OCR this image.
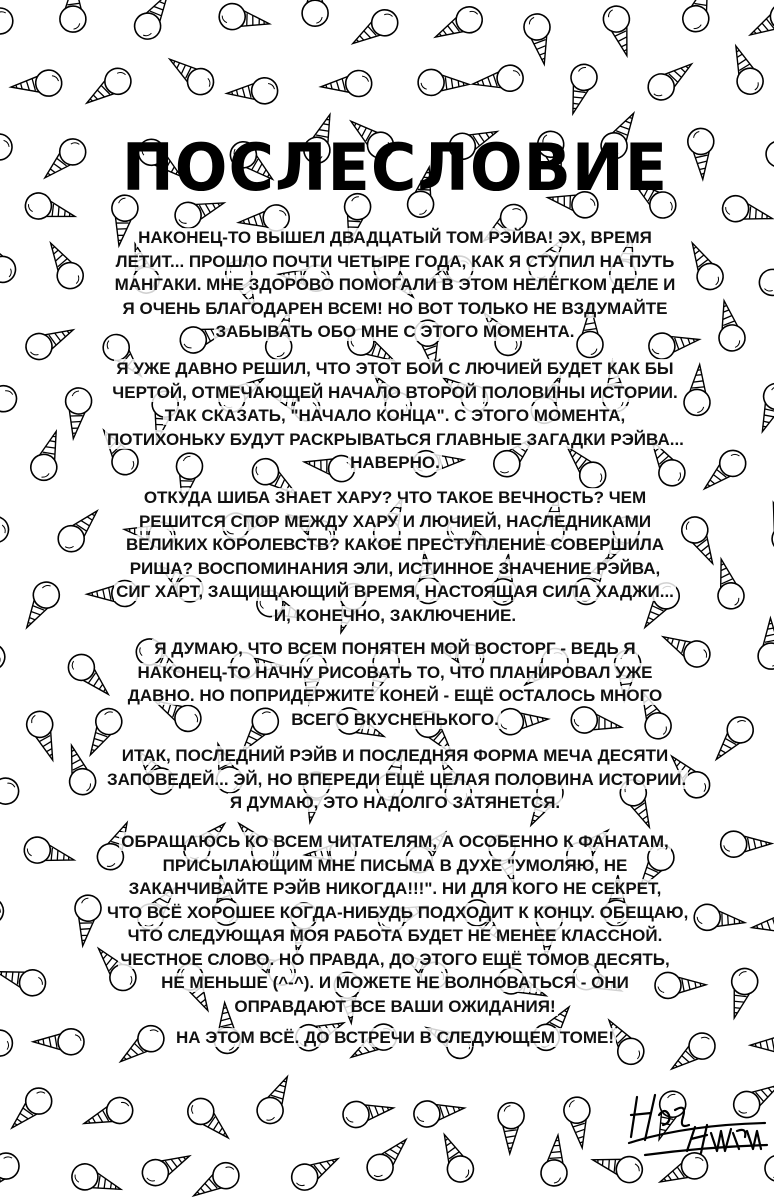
ПОСЛЕСЛОВИЕ
НАКОНЕЦ-ТО ВЫШЕЛ ДВАДЦАТЫЙ ТОМ РЭЙВА! ЭХ, ВРЕМЯ
ЛЕТИТ... ПРОШЛО ПОЧТИ ЧЕТЫРЕ ГОДА, КАК Я СТУПИЛ НА ПУТЬ
МАНГАКИ. МНЕ ЗДОРОВО ПОМОГАЛИ В ЭТОМ НЕЛЁГКОМ ДЕЛЕ И
Я ОЧЕНЬ БЛАГОДАРЕН ВСЕМ! НО ВОТ ТОЛЬКО НЕ ВЗДУМАЙТЕ
ЗАБЫВАТЬ ОБО МНЕ С ЭТОГО МОМЕНТА.
Я УЖЕ ДАВНО РЕШИЛ, ЧТО ЭТОТ БОЙ С ЛЮЧИЕЙ БУДЕТ КАК БЫ
ЧЕРТОЙ, ОТМЕЧАЮЩЕЙ НАЧАЛО ВТОРОЙ ПОЛОВИНЫ ИСТОРИИ.
ТАК СКАЗАТЬ, "НАЧАЛО КОНЦА". С ЭТОГО МОМЕНТА,
ПОТИХОНЬКУ БУДУТ РАСКРЫВАТЬСЯ ГЛАВНЫЕ ЗАГАДКИ РЭЙВА...
НАВЕРНО.
ОТКУДА ШИБА ЗНАЕТ ХАРУ? ЧТО ТАКОЕ ВЕЧНОСТЬ? ЧЕМ
РЕШИТСЯ СПОР МЕЖДУ ХАРУ И ЛЮЧИЕЙ, НАСЛЕДНИКАМИ
ВЕЛИКИХ КОРОЛЕВСТВ? КАКОЕ ПРЕСТУПЛЕНИЕ СОВЕРШИЛА
РИША? ВОСПОМИНАНИЯ ЭЛИ, ИСТИННОЕ ЗНАЧЕНИЕ РЭЙВА,
СИГ ХАРТ, ЗАЩИЩАЮЩИЙ ВРЕМЯ, НАСТОЯЩАЯ СИЛА ХАДЖИ...
И, КОНЕЧНО, ЗАКЛЮЧЕНИЕ.
Я ДУМАЮ, ЧТО ВСЕМ ПОНЯТЕН МОЙ ВОСТОРГ - ВЕДЬ Я
НАКОНЕЦ-ТО НАЧНУ РИСОВАТЬ ТО, ЧТО ПЛАНИРОВАЛ УЖЕ
ДАВНО. НО ПОПРИДЕРЖИТЕ КОНЕЙ - ЕЩЁ ОСТАЛОСЬ МНОГО
ВСЕГО ВКУСНЕНЬКОГО.
ИТАК, ПОСЛЕДНИЙ РЭЙВ И ПОСЛЕДНЯЯ ФОРМА МЕЧА ДЕСЯТИ
ЗАПОВЕДЕЙ... ЭЙ, НО ВПЕРЕДИ ЕЩЁ ЦЕЛАЯ ПОЛОВИНА ИСТОРИИ.
Я ДУМАЮ, ЭТО НАДОЛГО ЗАТЯНЕТСЯ.
ОБРАЩАЮСЬ КО ВСЕМ ЧИТАТЕЛЯМ, А ОСОБЕННО К ФАНАТАМ,
ПРИСЫЛАЮЩИМ МНЕ ПИСЬМА В ДУХЕ "УМОЛЯЮ, НЕ
ЗАКАНЧИВАЙТЕ РЭЙВ НИКОГДА!!!". НИ ДЛЯ КОГО НЕ СЕКРЕТ,
ЧТО ВСЁ ХОРОШЕЕ КОГДА-НИБУДЬ ПОДХОДИТ К КОНЦУ. ОБЕЩАЮ,
ЧТО СЛЕДУЮЩАЯ МОЯ РАБОТА БУДЕТ НЕ МЕНЕЕ КЛАССНОЙ.
ЧЕСТНОЕ СЛОВО. НО ПРАВДА, ДО ЭТОГО ЕЩЁ ТОМОВ ДЕСЯТЬ,
НЕ МЕНЬШЕ (^-^). И МОЖЕТЕ НЕ ВОЛНОВАТЬСЯ - ОНИ
ОПРАВДАЮТ ВСЕ ВАШИ ОЖИДАНИЯ!
НА ЭТОМ ВСЁ. ДО ВСТРЕЧИ В СЛЕДУЮЩЕМ ТОМЕ!
